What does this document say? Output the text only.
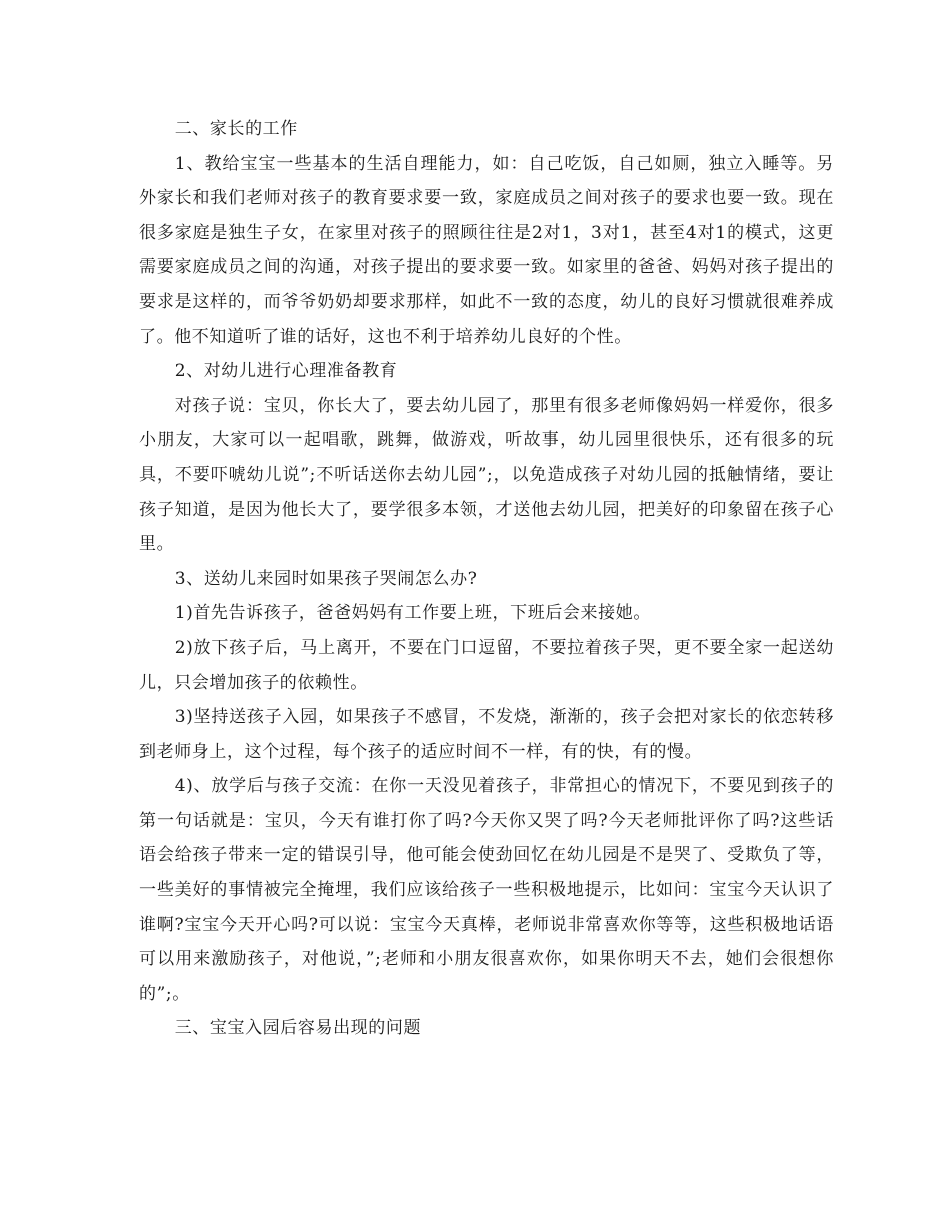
二、家长的工作

1、教给宝宝一些基本的生活自理能力，如：自己吃饭，自己如厕，独立入睡等。另外家长和我们老师对孩子的教育要求要一致，家庭成员之间对孩子的要求也要一致。现在很多家庭是独生子女，在家里对孩子的照顾往往是2对1，3对1，甚至4对1的模式，这更需要家庭成员之间的沟通，对孩子提出的要求要一致。如家里的爸爸、妈妈对孩子提出的要求是这样的，而爷爷奶奶却要求那样，如此不一致的态度，幼儿的良好习惯就很难养成了。他不知道听了谁的话好，这也不利于培养幼儿良好的个性。

2、对幼儿进行心理准备教育

对孩子说：宝贝，你长大了，要去幼儿园了，那里有很多老师像妈妈一样爱你，很多小朋友，大家可以一起唱歌，跳舞，做游戏，听故事，幼儿园里很快乐，还有很多的玩具，不要吓唬幼儿说”;不听话送你去幼儿园”;，以免造成孩子对幼儿园的抵触情绪，要让孩子知道，是因为他长大了，要学很多本领，才送他去幼儿园，把美好的印象留在孩子心里。

3、送幼儿来园时如果孩子哭闹怎么办?

1)首先告诉孩子，爸爸妈妈有工作要上班，下班后会来接她。

2)放下孩子后，马上离开，不要在门口逗留，不要拉着孩子哭，更不要全家一起送幼儿，只会增加孩子的依赖性。

3)坚持送孩子入园，如果孩子不感冒，不发烧，渐渐的，孩子会把对家长的依恋转移到老师身上，这个过程，每个孩子的适应时间不一样，有的快，有的慢。

4)、放学后与孩子交流：在你一天没见着孩子，非常担心的情况下，不要见到孩子的第一句话就是：宝贝，今天有谁打你了吗?今天你又哭了吗?今天老师批评你了吗?这些话语会给孩子带来一定的错误引导，他可能会使劲回忆在幼儿园是不是哭了、受欺负了等，一些美好的事情被完全掩埋，我们应该给孩子一些积极地提示，比如问：宝宝今天认识了谁啊?宝宝今天开心吗?可以说：宝宝今天真棒，老师说非常喜欢你等等，这些积极地话语可以用来激励孩子，对他说，”;老师和小朋友很喜欢你，如果你明天不去，她们会很想你的”;。

三、宝宝入园后容易出现的问题
